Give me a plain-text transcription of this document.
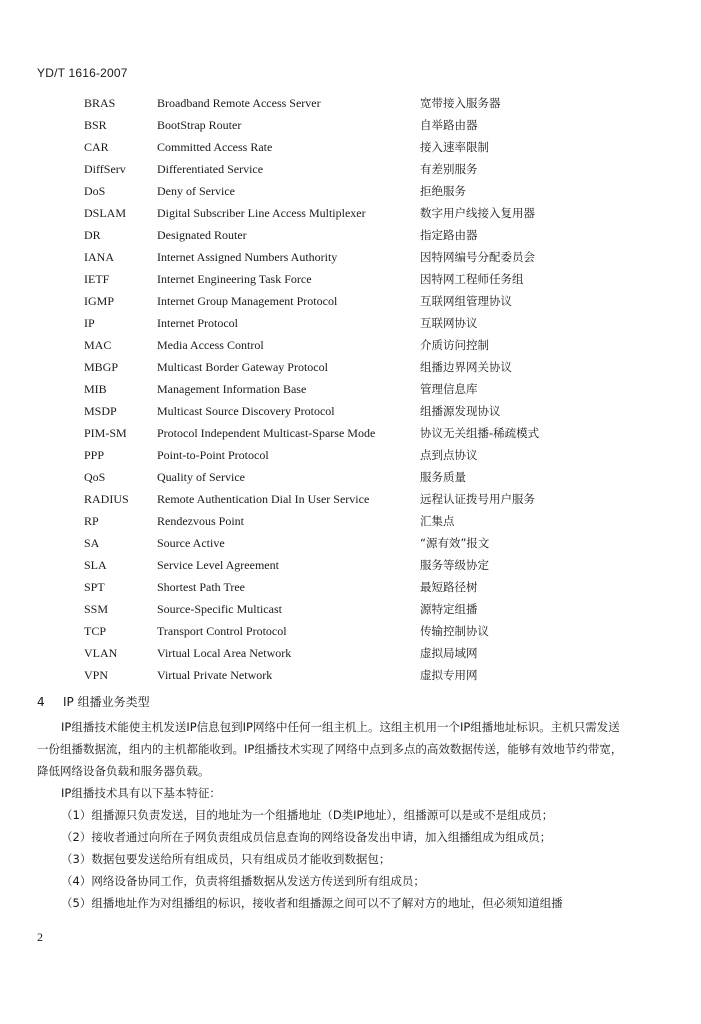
YD/T 1616-2007
BRAS	Broadband Remote Access Server	宽带接入服务器
BSR	BootStrap Router	自举路由器
CAR	Committed Access Rate	接入速率限制
DiffServ	Differentiated Service	有差别服务
DoS	Deny of Service	拒绝服务
DSLAM	Digital Subscriber Line Access Multiplexer	数字用户线接入复用器
DR	Designated Router	指定路由器
IANA	Internet Assigned Numbers Authority	因特网编号分配委员会
IETF	Internet Engineering Task Force	因特网工程师任务组
IGMP	Internet Group Management Protocol	互联网组管理协议
IP	Internet Protocol	互联网协议
MAC	Media Access Control	介质访问控制
MBGP	Multicast Border Gateway Protocol	组播边界网关协议
MIB	Management Information Base	管理信息库
MSDP	Multicast Source Discovery Protocol	组播源发现协议
PIM-SM	Protocol Independent Multicast-Sparse Mode	协议无关组播-稀疏模式
PPP	Point-to-Point Protocol	点到点协议
QoS	Quality of Service	服务质量
RADIUS	Remote Authentication Dial In User Service	远程认证拨号用户服务
RP	Rendezvous Point	汇集点
SA	Source Active	“源有效”报文
SLA	Service Level Agreement	服务等级协定
SPT	Shortest Path Tree	最短路径树
SSM	Source-Specific Multicast	源特定组播
TCP	Transport Control Protocol	传输控制协议
VLAN	Virtual Local Area Network	虚拟局域网
VPN	Virtual Private Network	虚拟专用网
4 IP 组播业务类型

IP组播技术能使主机发送IP信息包到IP网络中任何一组主机上。这组主机用一个IP组播地址标识。主机只需发送一份组播数据流，组内的主机都能收到。IP组播技术实现了网络中点到多点的高效数据传送，能够有效地节约带宽，降低网络设备负载和服务器负载。

IP组播技术具有以下基本特征：

（1）组播源只负责发送，目的地址为一个组播地址（D类IP地址），组播源可以是或不是组成员；

（2）接收者通过向所在子网负责组成员信息查询的网络设备发出申请，加入组播组成为组成员；

（3）数据包要发送给所有组成员，只有组成员才能收到数据包；

（4）网络设备协同工作，负责将组播数据从发送方传送到所有组成员；

（5）组播地址作为对组播组的标识，接收者和组播源之间可以不了解对方的地址，但必须知道组播

2
